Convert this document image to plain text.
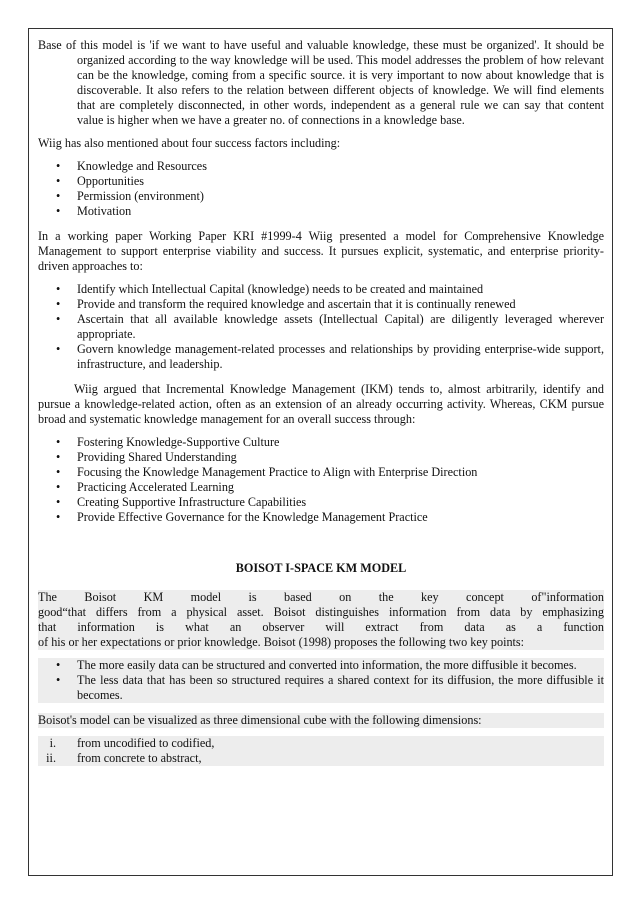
Base of this model is 'if we want to have useful and valuable knowledge, these must be organized'. It should be organized according to the way knowledge will be used. This model addresses the problem of how relevant can be the knowledge, coming from a specific source. it is very important to now about knowledge that is discoverable. It also refers to the relation between different objects of knowledge. We will find elements that are completely disconnected, in other words, independent as a general rule we can say that content value is higher when we have a greater no. of connections in a knowledge base.

Wiig has also mentioned about four success factors including:

• Knowledge and Resources
• Opportunities
• Permission (environment)
• Motivation

In a working paper Working Paper KRI #1999-4 Wiig presented a model for Comprehensive Knowledge Management to support enterprise viability and success. It pursues explicit, systematic, and enterprise priority-driven approaches to:

• Identify which Intellectual Capital (knowledge) needs to be created and maintained
• Provide and transform the required knowledge and ascertain that it is continually renewed
• Ascertain that all available knowledge assets (Intellectual Capital) are diligently leveraged wherever appropriate.
• Govern knowledge management-related processes and relationships by providing enterprise-wide support, infrastructure, and leadership.

Wiig argued that Incremental Knowledge Management (IKM) tends to, almost arbitrarily, identify and pursue a knowledge-related action, often as an extension of an already occurring activity. Whereas, CKM pursue broad and systematic knowledge management for an overall success through:

• Fostering Knowledge-Supportive Culture
• Providing Shared Understanding
• Focusing the Knowledge Management Practice to Align with Enterprise Direction
• Practicing Accelerated Learning
• Creating Supportive Infrastructure Capabilities
• Provide Effective Governance for the Knowledge Management Practice
BOISOT I-SPACE KM MODEL

The Boisot KM model is based on the key concept of"information

good“that differs from a physical asset. Boisot distinguishes information from data by emphasizing

that information is what an observer will extract from data as a function

of his or her expectations or prior knowledge. Boisot (1998) proposes the following two key points:

• The more easily data can be structured and converted into information, the more diffusible it becomes.
• The less data that has been so structured requires a shared context for its diffusion, the more diffusible it becomes.

Boisot's model can be visualized as three dimensional cube with the following dimensions:

i. from uncodified to codified,
ii. from concrete to abstract,
